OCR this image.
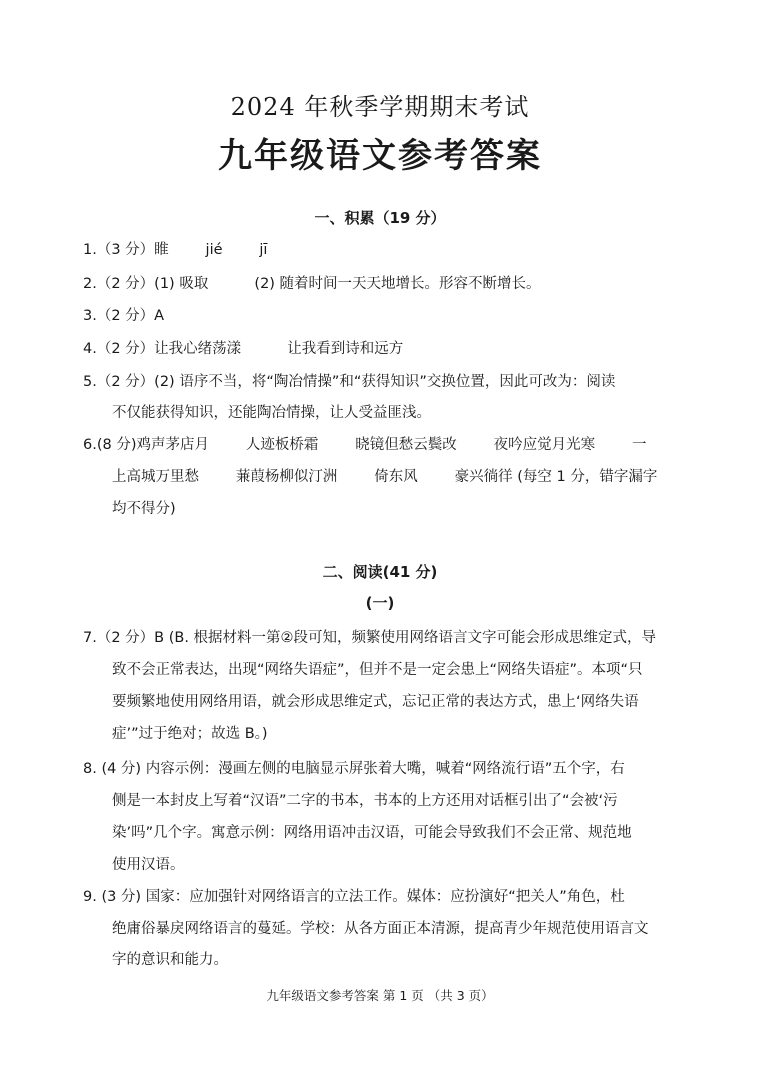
2024 年秋季学期期末考试
九年级语文参考答案
一、积累（19 分）
1.（3 分）睢        jié        jī
2.（2 分）(1) 吸取          (2) 随着时间一天天地增长。形容不断增长。
3.（2 分）A
4.（2 分）让我心绪荡漾          让我看到诗和远方
5.（2 分）(2) 语序不当，将“陶冶情操”和“获得知识”交换位置，因此可改为：阅读
不仅能获得知识，还能陶冶情操，让人受益匪浅。
6.(8 分)鸡声茅店月        人迹板桥霜        晓镜但愁云鬓改        夜吟应觉月光寒        一
上高城万里愁        蒹葭杨柳似汀洲        倚东风        豪兴徜徉 (每空 1 分，错字漏字
均不得分)
二、阅读(41 分)
(一)
7.（2 分）B (B. 根据材料一第②段可知，频繁使用网络语言文字可能会形成思维定式，导
致不会正常表达，出现“网络失语症”，但并不是一定会患上“网络失语症”。本项“只
要频繁地使用网络用语，就会形成思维定式，忘记正常的表达方式，患上‘网络失语
症’”过于绝对；故选 B。)
8. (4 分) 内容示例：漫画左侧的电脑显示屏张着大嘴，喊着“网络流行语”五个字，右
侧是一本封皮上写着“汉语”二字的书本，书本的上方还用对话框引出了“会被‘污
染’吗”几个字。寓意示例：网络用语冲击汉语，可能会导致我们不会正常、规范地
使用汉语。
9. (3 分) 国家：应加强针对网络语言的立法工作。媒体：应扮演好“把关人”角色，杜
绝庸俗暴戾网络语言的蔓延。学校：从各方面正本清源，提高青少年规范使用语言文
字的意识和能力。
九年级语文参考答案 第 1 页 （共 3 页）
